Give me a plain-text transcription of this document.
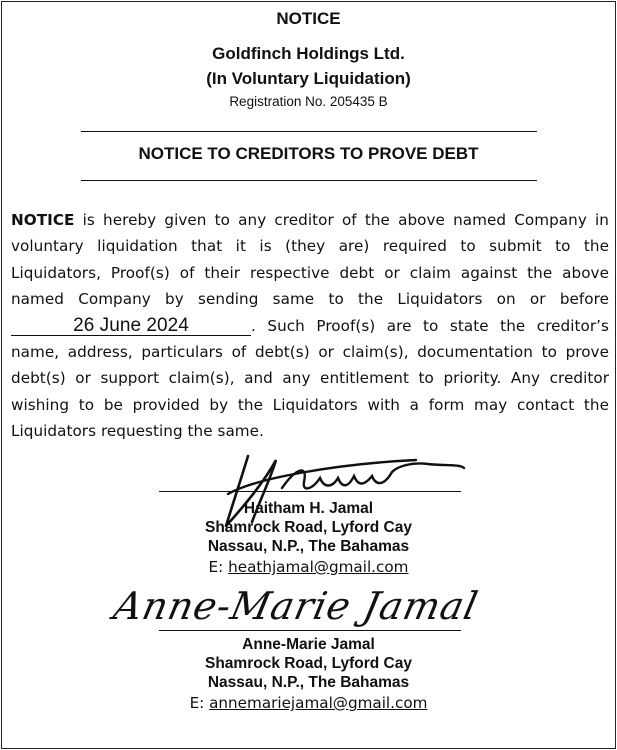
NOTICE
Goldfinch Holdings Ltd.
(In Voluntary Liquidation)
Registration No. 205435 B
NOTICE TO CREDITORS TO PROVE DEBT
NOTICE is hereby given to any creditor of the above named Company in voluntary liquidation that it is (they are) required to submit to the Liquidators, Proof(s) of their respective debt or claim against the above named Company by sending same to the Liquidators on or before 26 June 2024	. Such Proof(s) are to state the creditor’s name, address, particulars of debt(s) or claim(s), documentation to prove debt(s) or support claim(s), and any entitlement to priority. Any creditor wishing to be provided by the Liquidators with a form may contact the Liquidators requesting the same.
Haitham H. Jamal
Shamrock Road, Lyford Cay
Nassau, N.P., The Bahamas
E: heathjamal@gmail.com
Anne-Marie Jamal
Anne-Marie Jamal
Shamrock Road, Lyford Cay
Nassau, N.P., The Bahamas
E: annemariejamal@gmail.com
